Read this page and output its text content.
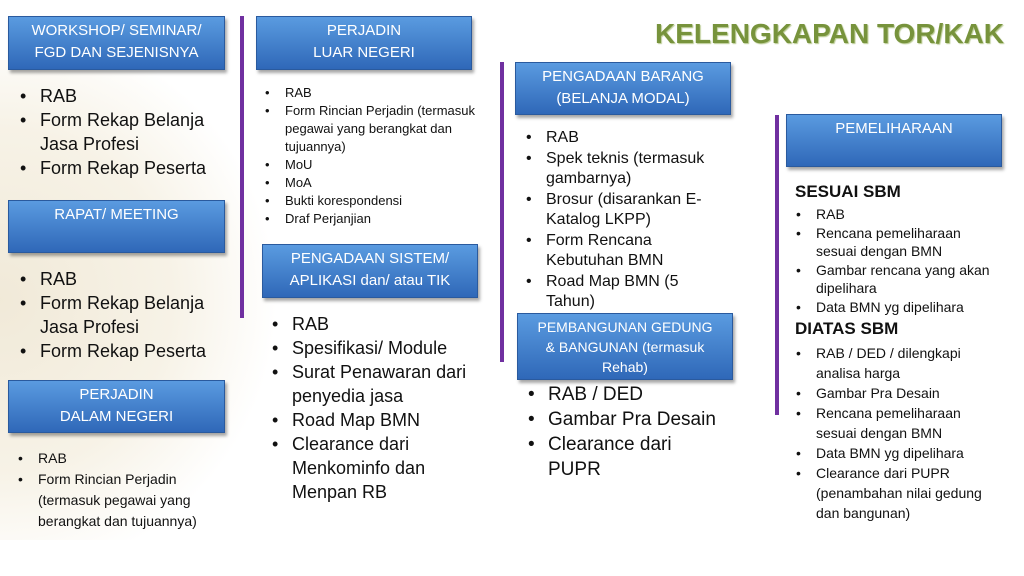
KELENGKAPAN TOR/KAK
WORKSHOP/ SEMINAR/
FGD DAN SEJENISNYA
• RAB
• Form Rekap Belanja Jasa Profesi
• Form Rekap Peserta
RAPAT/ MEETING
• RAB
• Form Rekap Belanja Jasa Profesi
• Form Rekap Peserta
PERJADIN
DALAM NEGERI
• RAB
• Form Rincian Perjadin (termasuk pegawai yang berangkat dan tujuannya)
PERJADIN
LUAR NEGERI
• RAB
• Form Rincian Perjadin (termasuk pegawai yang berangkat dan tujuannya)
• MoU
• MoA
• Bukti korespondensi
• Draf Perjanjian
PENGADAAN SISTEM/
APLIKASI dan/ atau TIK
• RAB
• Spesifikasi/ Module
• Surat Penawaran dari penyedia jasa
• Road Map BMN
• Clearance dari Menkominfo dan Menpan RB
PENGADAAN BARANG
(BELANJA MODAL)
• RAB
• Spek teknis (termasuk gambarnya)
• Brosur (disarankan E-Katalog LKPP)
• Form Rencana Kebutuhan BMN
• Road Map BMN (5 Tahun)
PEMBANGUNAN GEDUNG
& BANGUNAN (termasuk
Rehab)
• RAB / DED
• Gambar Pra Desain
• Clearance dari PUPR
PEMELIHARAAN
SESUAI SBM
• RAB
• Rencana pemeliharaan sesuai dengan BMN
• Gambar rencana yang akan dipelihara
• Data BMN yg dipelihara
DIATAS SBM
• RAB / DED / dilengkapi analisa harga
• Gambar Pra Desain
• Rencana pemeliharaan sesuai dengan BMN
• Data BMN yg dipelihara
• Clearance dari PUPR (penambahan nilai gedung dan bangunan)
